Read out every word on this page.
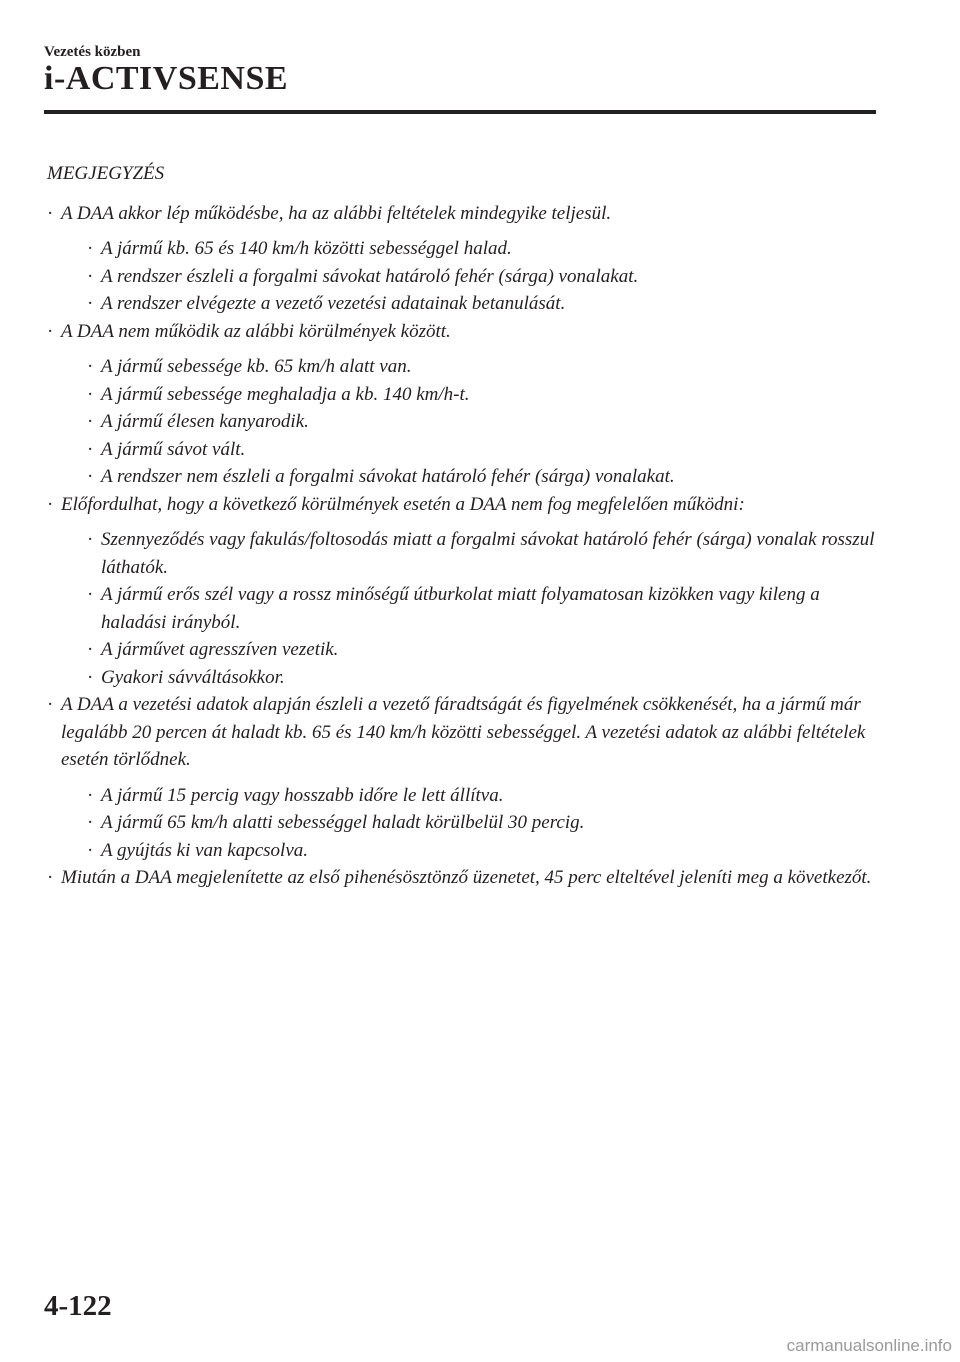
Vezetés közben
i-ACTIVSENSE
MEGJEGYZÉS
· A DAA akkor lép működésbe, ha az alábbi feltételek mindegyike teljesül.
· A jármű kb. 65 és 140 km/h közötti sebességgel halad.
· A rendszer észleli a forgalmi sávokat határoló fehér (sárga) vonalakat.
· A rendszer elvégezte a vezető vezetési adatainak betanulását.
· A DAA nem működik az alábbi körülmények között.
· A jármű sebessége kb. 65 km/h alatt van.
· A jármű sebessége meghaladja a kb. 140 km/h-t.
· A jármű élesen kanyarodik.
· A jármű sávot vált.
· A rendszer nem észleli a forgalmi sávokat határoló fehér (sárga) vonalakat.
· Előfordulhat, hogy a következő körülmények esetén a DAA nem fog megfelelően működni:
· Szennyeződés vagy fakulás/foltosodás miatt a forgalmi sávokat határoló fehér (sárga) vonalak rosszul láthatók.
· A jármű erős szél vagy a rossz minőségű útburkolat miatt folyamatosan kizökken vagy kileng a haladási irányból.
· A járművet agresszíven vezetik.
· Gyakori sávváltásokkor.
· A DAA a vezetési adatok alapján észleli a vezető fáradtságát és figyelmének csökkenését, ha a jármű már legalább 20 percen át haladt kb. 65 és 140 km/h közötti sebességgel. A vezetési adatok az alábbi feltételek esetén törlődnek.
· A jármű 15 percig vagy hosszabb időre le lett állítva.
· A jármű 65 km/h alatti sebességgel haladt körülbelül 30 percig.
· A gyújtás ki van kapcsolva.
· Miután a DAA megjelenítette az első pihenésösztönző üzenetet, 45 perc elteltével jeleníti meg a következőt.
4-122
carmanualsonline.info
